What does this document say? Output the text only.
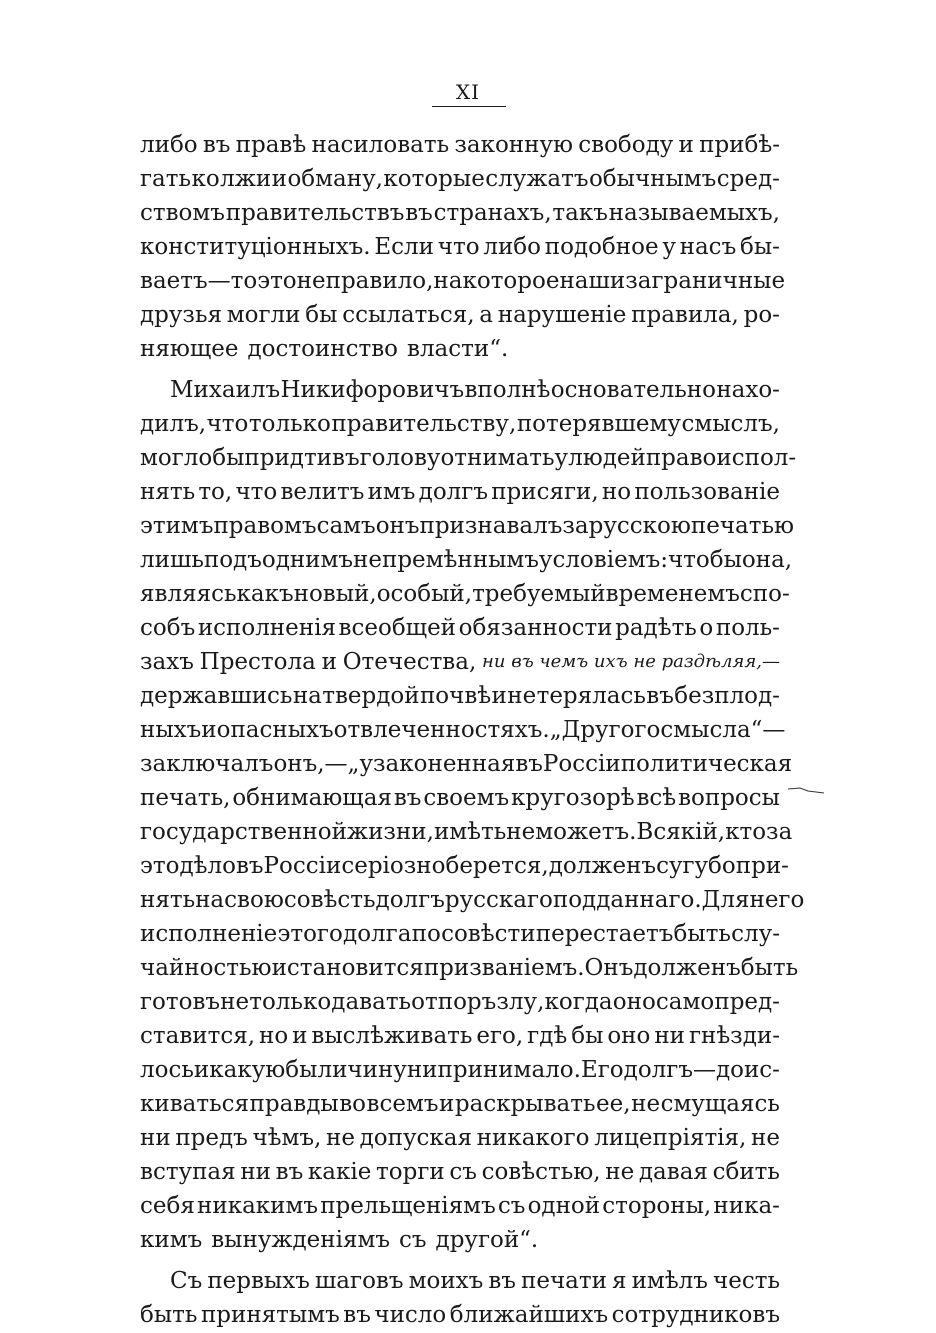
XI
либо въ правѣ насиловать законную свободу и прибѣ-
гать ко лжи и обману, которые служатъ обычнымъ сред-
ствомъ правительствъ въ странахъ, такъ называемыхъ,
конституціонныхъ. Если что либо подобное у насъ бы-
ваетъ—то это не правило, на которое наши заграничные
друзья могли бы ссылаться, а нарушеніе правила, ро-
няющее достоинство власти“.
Михаилъ Никифоровичъ вполнѣ основательно нахо-
дилъ, что только правительству, потерявшему смыслъ,
могло бы придти въ голову отнимать у людей право испол-
нять то, что велитъ имъ долгъ присяги, но пользованіе
этимъ правомъ самъ онъ признавалъ за русскою печатью
лишь подъ однимъ непремѣннымъ условіемъ: чтобы она,
являясь какъ новый, особый, требуемый временемъ спо-
собъ исполненія всеобщей обязанности радѣть о поль-
захъ Престола и Отечества, ни въ чемъ ихъ не раздѣляя,—
державшись на твердой почвѣ и не терялась въ безплод-
ныхъ и опасныхъ отвлеченностяхъ. „Другого смысла“—
заключалъ онъ,—„узаконенная въ Россіи политическая
печать, обнимающая въ своемъ кругозорѣ всѣ вопросы
государственной жизни, имѣть не можетъ. Всякій, кто за
это дѣло въ Россіи серіозно берется, долженъ сугубо при-
нять на свою совѣсть долгъ русскаго подданнаго. Для него
исполненіе этого долга по совѣсти перестаетъ быть слу-
чайностью и становится призваніемъ. Онъ долженъ быть
готовъ не только давать отпоръ злу, когда оно само пред-
ставится, но и выслѣживать его, гдѣ бы оно ни гнѣзди-
лось и какую бы личину ни принимало. Его долгъ—доис-
киваться правды во всемъ и раскрывать ее, не смущаясь
ни предъ чѣмъ, не допуская никакого лицепріятія, не
вступая ни въ какіе торги съ совѣстью, не давая сбить
себя никакимъ прельщеніямъ съ одной стороны, никa-
кимъ вынужденіямъ съ другой“.
Съ первыхъ шаговъ моихъ въ печати я имѣлъ честь
быть принятымъ въ число ближайшихъ сотрудниковъ
